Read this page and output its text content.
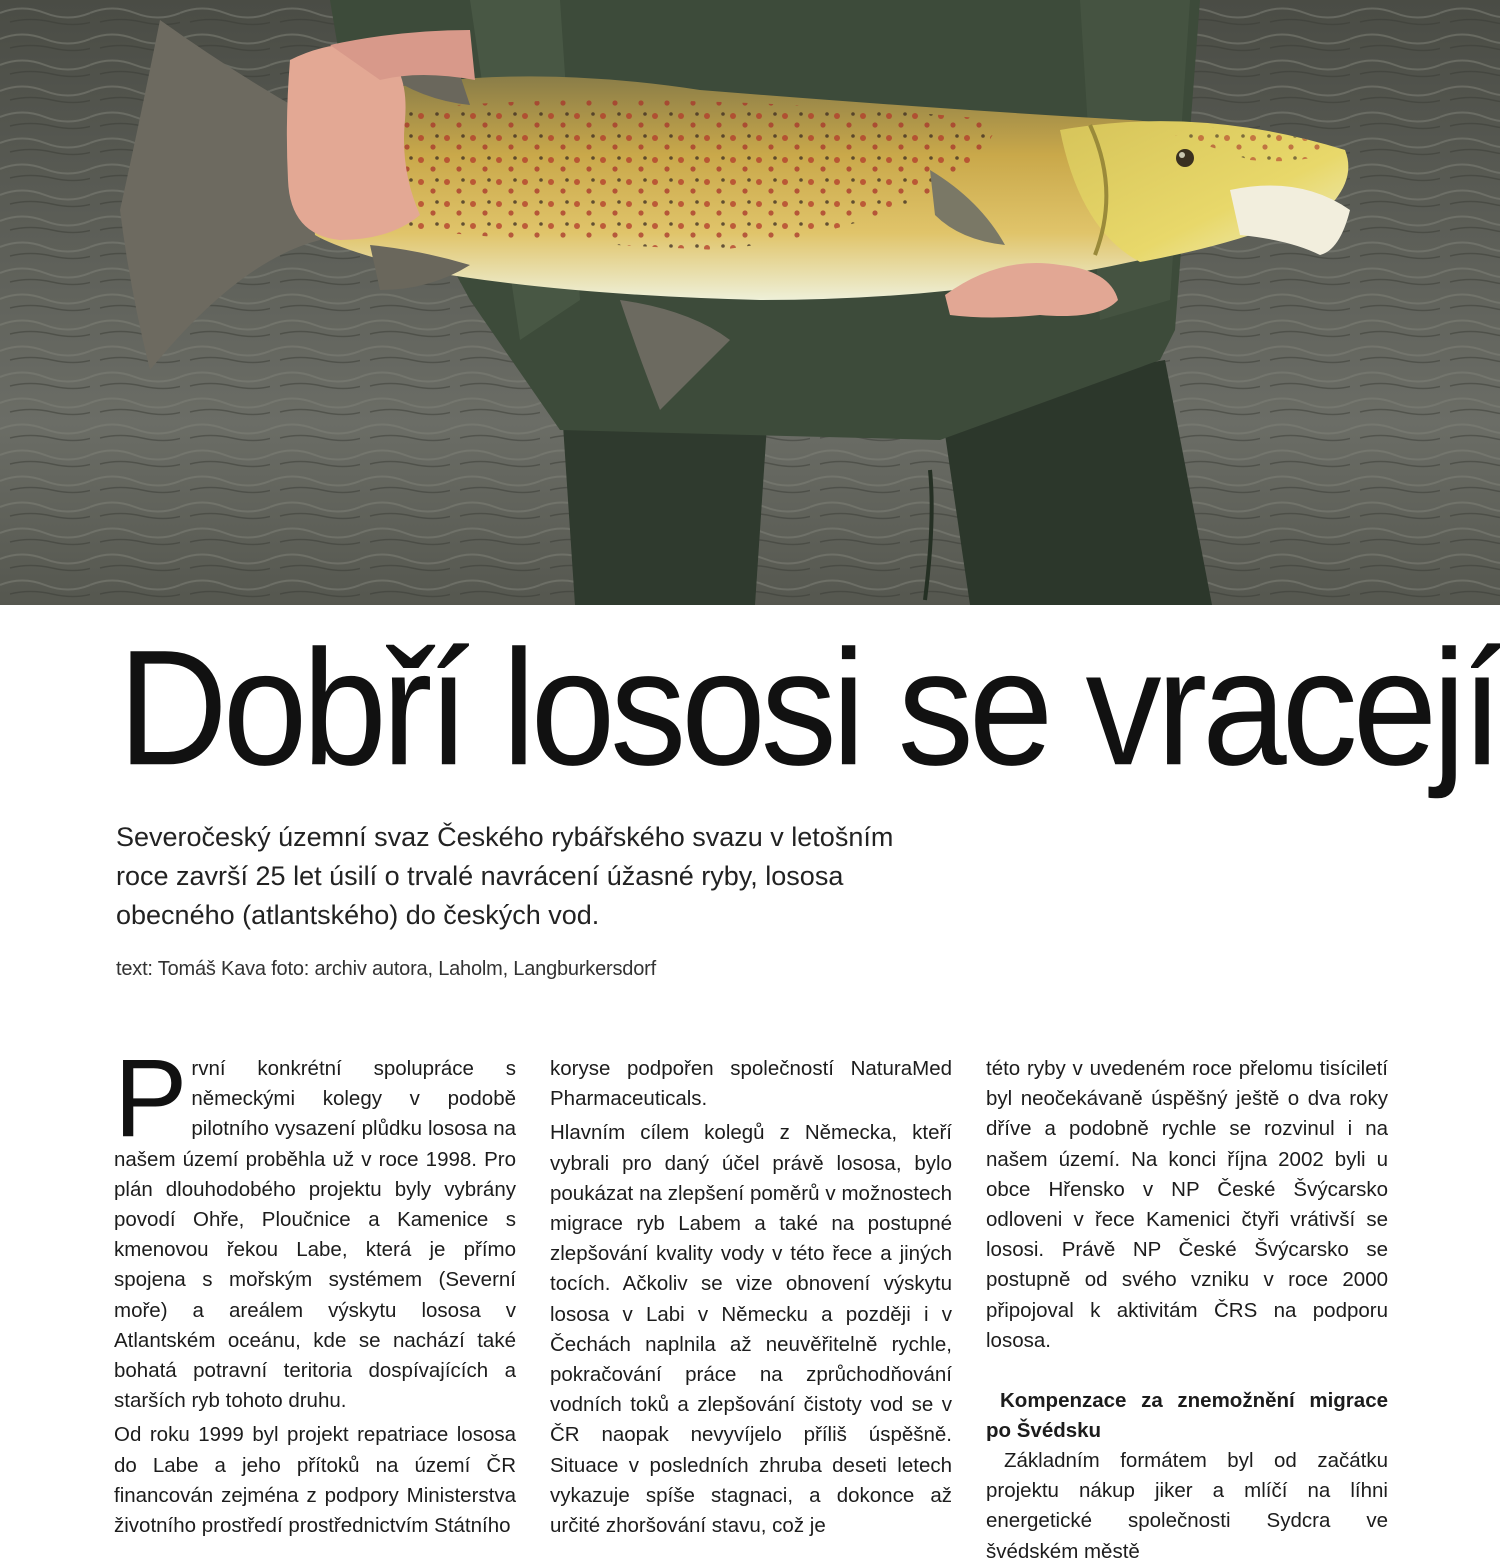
Dobří lososi se vracejí

Severočeský územní svaz Českého rybářského svazu v letošním roce završí 25 let úsilí o trvalé navrácení úžasné ryby, lososa obecného (atlantského) do českých vod.

text: Tomáš Kava foto: archiv autora, Laholm, Langburkersdorf

První konkrétní spolupráce s německými kolegy v podobě pilotního vysazení plůdku lososa na našem území proběhla už v roce 1998. Pro plán dlouhodobého projektu byly vybrány povodí Ohře, Ploučnice a Kamenice s kmenovou řekou Labe, která je přímo spojena s mořským systémem (Severní moře) a areálem výskytu lososa v Atlantském oceánu, kde se nachází také bohatá potravní teritoria dospívajících a starších ryb tohoto druhu.

Od roku 1999 byl projekt repatriace lososa do Labe a jeho přítoků na území ČR financován zejména z podpory Ministerstva životního prostředí prostřednictvím Státního

koryse podpořen společností NaturaMed Pharmaceuticals.

Hlavním cílem kolegů z Německa, kteří vybrali pro daný účel právě lososa, bylo poukázat na zlepšení poměrů v možnostech migrace ryb Labem a také na postupné zlepšování kvality vody v této řece a jiných tocích. Ačkoliv se vize obnovení výskytu lososa v Labi v Německu a později i v Čechách naplnila až neuvěřitelně rychle, pokračování práce na zprůchodňování vodních toků a zlepšování čistoty vod se v ČR naopak nevyvíjelo příliš úspěšně. Situace v posledních zhruba deseti letech vykazuje spíše stagnaci, a dokonce až určité zhoršování stavu, což je

této ryby v uvedeném roce přelomu tisíciletí byl neočekávaně úspěšný ještě o dva roky dříve a podobně rychle se rozvinul i na našem území. Na konci října 2002 byli u obce Hřensko v NP České Švýcarsko odloveni v řece Kamenici čtyři vrátivší se lososi. Právě NP České Švýcarsko se postupně od svého vzniku v roce 2000 připojoval k aktivitám ČRS na podporu lososa.

Kompenzace za znemožnění migrace po Švédsku

Základním formátem byl od začátku projektu nákup jiker a mlíčí na líhni energetické společnosti Sydcra ve švédském městě
